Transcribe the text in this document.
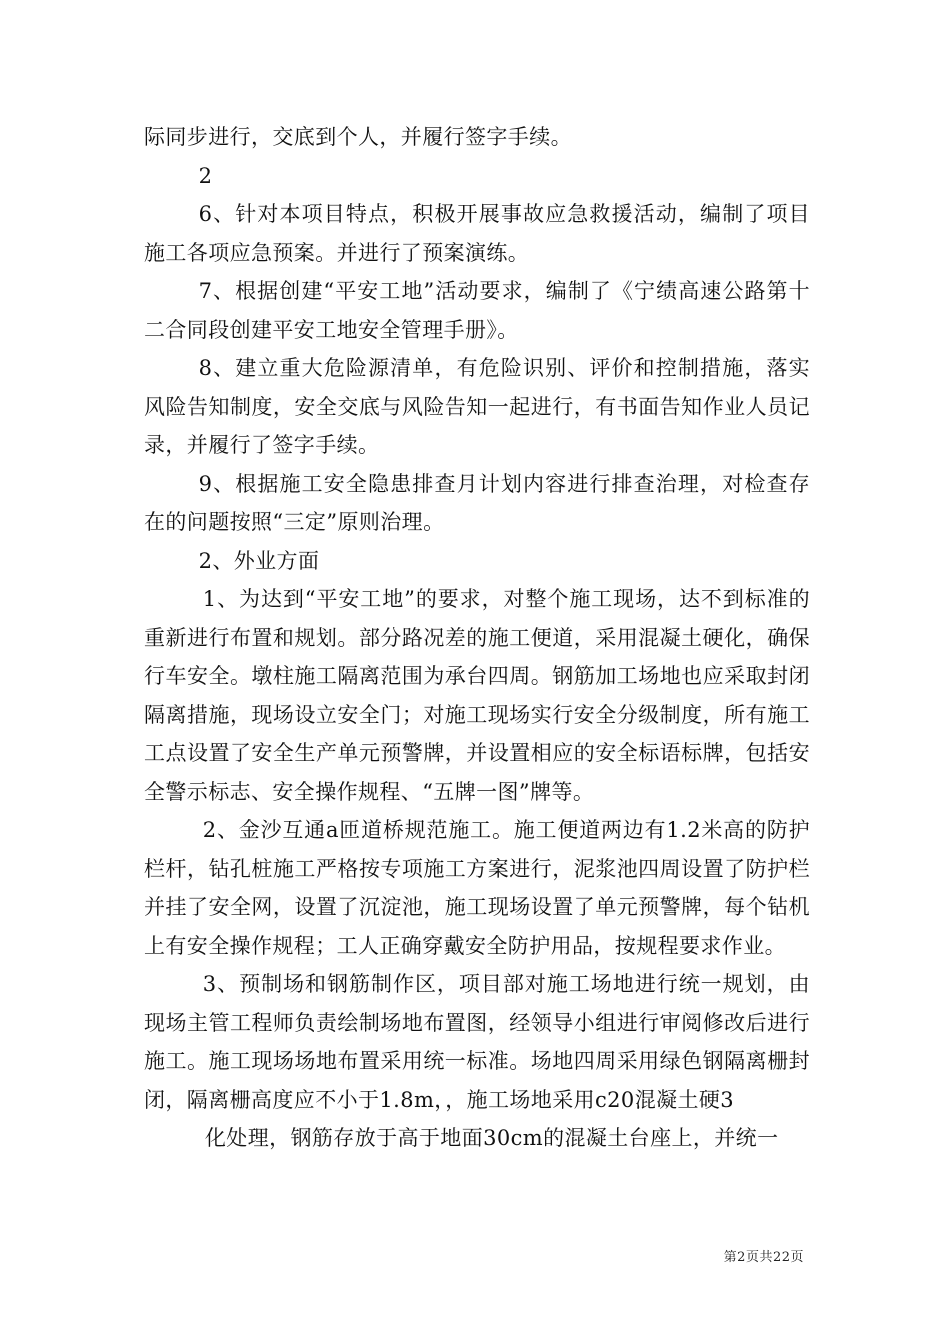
际同步进行，交底到个人，并履行签字手续。

2

6、针对本项目特点，积极开展事故应急救援活动，编制了项目施工各项应急预案。并进行了预案演练。

7、根据创建“平安工地”活动要求，编制了《宁绩高速公路第十二合同段创建平安工地安全管理手册》。

8、建立重大危险源清单，有危险识别、评价和控制措施，落实风险告知制度，安全交底与风险告知一起进行，有书面告知作业人员记录，并履行了签字手续。

9、根据施工安全隐患排查月计划内容进行排查治理，对检查存在的问题按照“三定”原则治理。

2、外业方面

1、为达到“平安工地”的要求，对整个施工现场，达不到标准的重新进行布置和规划。部分路况差的施工便道，采用混凝土硬化，确保行车安全。墩柱施工隔离范围为承台四周。钢筋加工场地也应采取封闭隔离措施，现场设立安全门；对施工现场实行安全分级制度，所有施工工点设置了安全生产单元预警牌，并设置相应的安全标语标牌，包括安全警示标志、安全操作规程、“五牌一图”牌等。

2、金沙互通a匝道桥规范施工。施工便道两边有1.2米高的防护栏杆，钻孔桩施工严格按专项施工方案进行，泥浆池四周设置了防护栏并挂了安全网，设置了沉淀池，施工现场设置了单元预警牌，每个钻机上有安全操作规程；工人正确穿戴安全防护用品，按规程要求作业。

3、预制场和钢筋制作区，项目部对施工场地进行统一规划，由现场主管工程师负责绘制场地布置图，经领导小组进行审阅修改后进行施工。施工现场场地布置采用统一标准。场地四周采用绿色钢隔离栅封闭，隔离栅高度应不小于1.8m，，施工场地采用c20混凝土硬3

化处理，钢筋存放于高于地面30cm的混凝土台座上，并统一

第2页共22页
